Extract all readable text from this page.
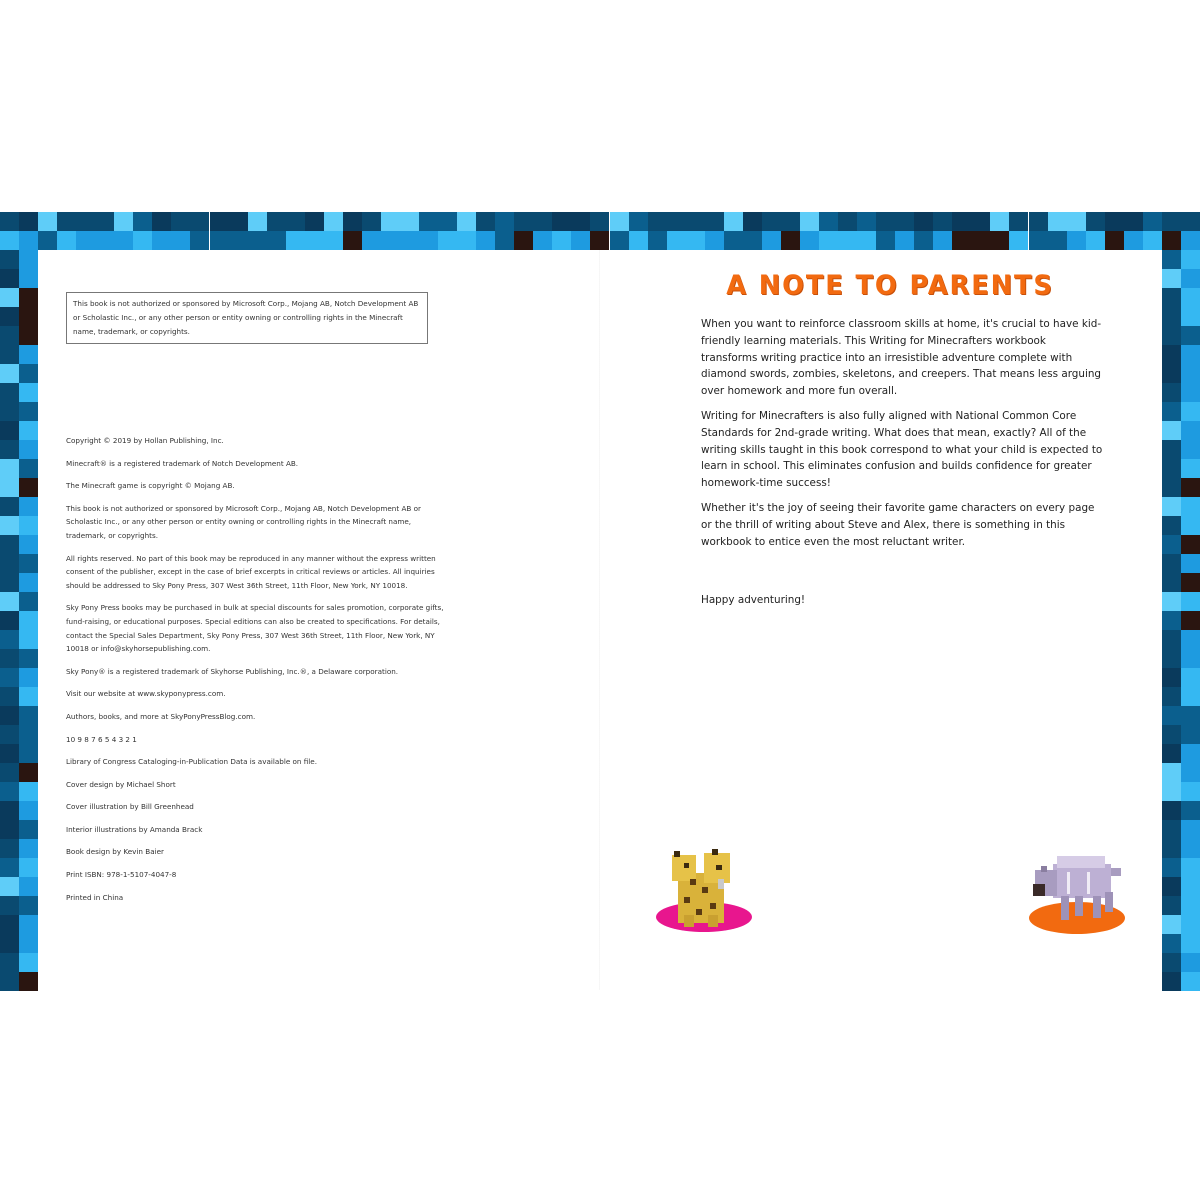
This book is not authorized or sponsored by Microsoft Corp., Mojang AB, Notch Development AB or Scholastic Inc., or any other person or entity owning or controlling rights in the Minecraft name, trademark, or copyrights.

Copyright © 2019 by Hollan Publishing, Inc.

Minecraft® is a registered trademark of Notch Development AB.

The Minecraft game is copyright © Mojang AB.

This book is not authorized or sponsored by Microsoft Corp., Mojang AB, Notch Development AB or Scholastic Inc., or any other person or entity owning or controlling rights in the Minecraft name, trademark, or copyrights.

All rights reserved. No part of this book may be reproduced in any manner without the express written consent of the publisher, except in the case of brief excerpts in critical reviews or articles. All inquiries should be addressed to Sky Pony Press, 307 West 36th Street, 11th Floor, New York, NY 10018.

Sky Pony Press books may be purchased in bulk at special discounts for sales promotion, corporate gifts, fund-raising, or educational purposes. Special editions can also be created to specifications. For details, contact the Special Sales Department, Sky Pony Press, 307 West 36th Street, 11th Floor, New York, NY 10018 or info@skyhorsepublishing.com.

Sky Pony® is a registered trademark of Skyhorse Publishing, Inc.®, a Delaware corporation.

Visit our website at www.skyponypress.com.

Authors, books, and more at SkyPonyPressBlog.com.

10 9 8 7 6 5 4 3 2 1

Library of Congress Cataloging-in-Publication Data is available on file.

Cover design by Michael Short

Cover illustration by Bill Greenhead

Interior illustrations by Amanda Brack

Book design by Kevin Baier

Print ISBN: 978-1-5107-4047-8

Printed in China

A NOTE TO PARENTS

When you want to reinforce classroom skills at home, it's crucial to have kid-friendly learning materials. This Writing for Minecrafters workbook transforms writing practice into an irresistible adventure complete with diamond swords, zombies, skeletons, and creepers. That means less arguing over homework and more fun overall.

Writing for Minecrafters is also fully aligned with National Common Core Standards for 2nd-grade writing. What does that mean, exactly? All of the writing skills taught in this book correspond to what your child is expected to learn in school. This eliminates confusion and builds confidence for greater homework-time success!

Whether it's the joy of seeing their favorite game characters on every page or the thrill of writing about Steve and Alex, there is something in this workbook to entice even the most reluctant writer.

Happy adventuring!
